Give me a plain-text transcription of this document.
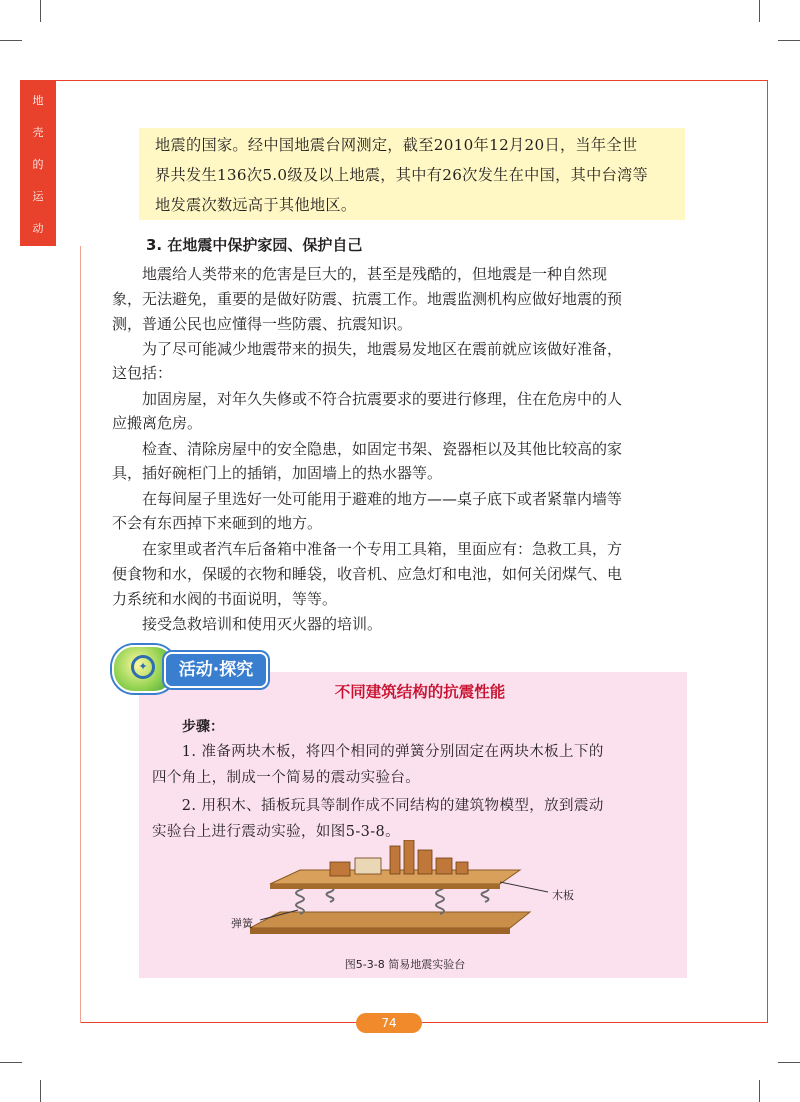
地
壳
的
运
动

地震的国家。经中国地震台网测定，截至2010年12月20日，当年全世

界共发生136次5.0级及以上地震，其中有26次发生在中国，其中台湾等

地发震次数远高于其他地区。

3. 在地震中保护家园、保护自己
　　地震给人类带来的危害是巨大的，甚至是残酷的，但地震是一种自然现
象，无法避免，重要的是做好防震、抗震工作。地震监测机构应做好地震的预
测，普通公民也应懂得一些防震、抗震知识。
　　为了尽可能减少地震带来的损失，地震易发地区在震前就应该做好准备，
这包括：
　　加固房屋，对年久失修或不符合抗震要求的要进行修理，住在危房中的人
应搬离危房。
　　检查、清除房屋中的安全隐患，如固定书架、瓷器柜以及其他比较高的家
具，插好碗柜门上的插销，加固墙上的热水器等。
　　在每间屋子里选好一处可能用于避难的地方——桌子底下或者紧靠内墙等
不会有东西掉下来砸到的地方。
　　在家里或者汽车后备箱中准备一个专用工具箱，里面应有：急救工具，方
便食物和水，保暖的衣物和睡袋，收音机、应急灯和电池，如何关闭煤气、电
力系统和水阀的书面说明，等等。
　　接受急救培训和使用灭火器的培训。
✦	活动·探究
不同建筑结构的抗震性能
步骤：
　　1. 准备两块木板，将四个相同的弹簧分别固定在两块木板上下的
四个角上，制成一个简易的震动实验台。
　　2. 用积木、插板玩具等制作成不同结构的建筑物模型，放到震动
实验台上进行震动实验，如图5-3-8。
木板
弹簧
图5-3-8 简易地震实验台
74
